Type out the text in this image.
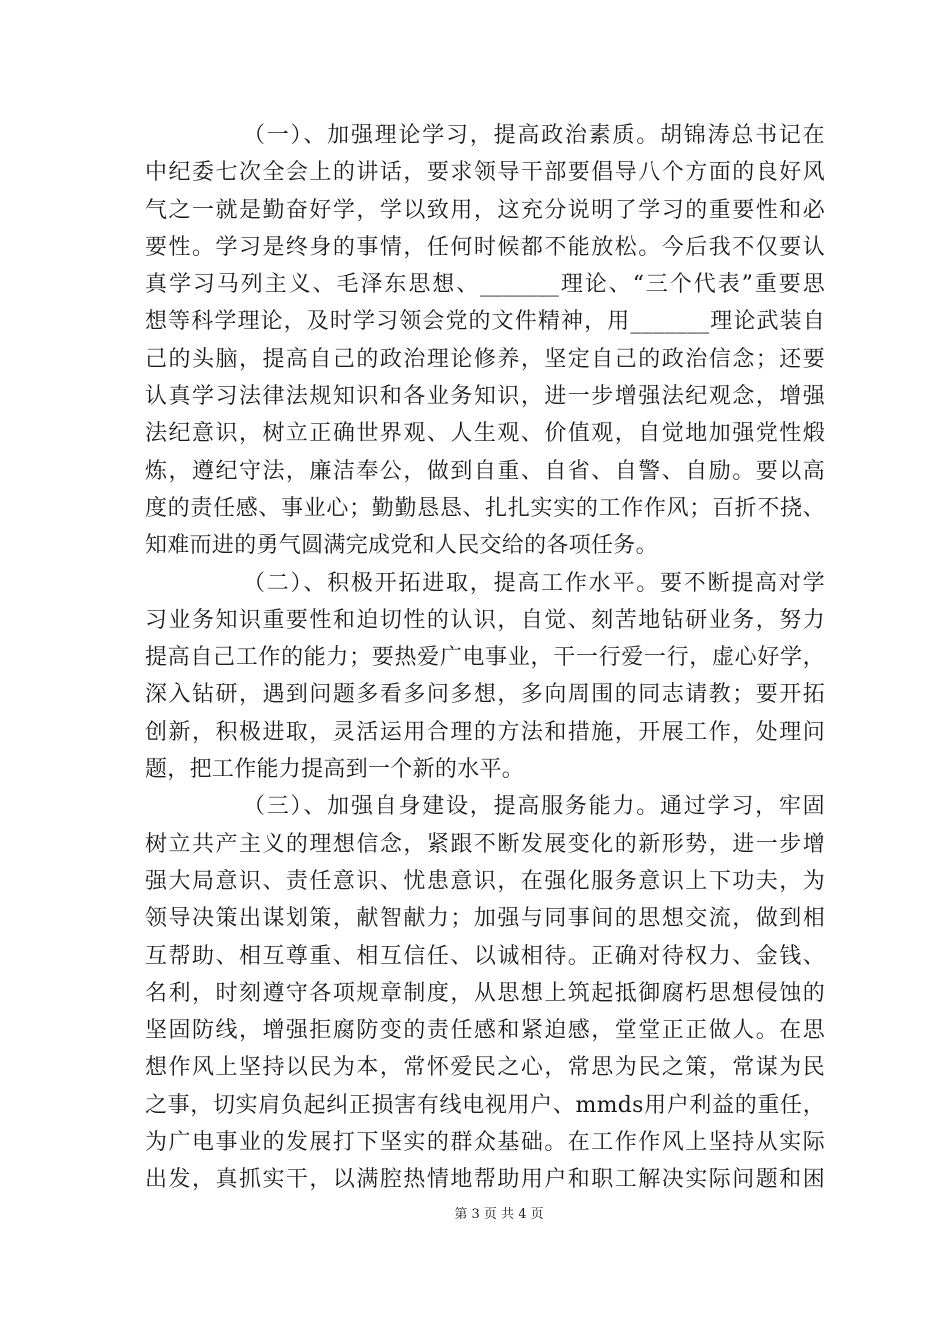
（一）、加强理论学习，提高政治素质。胡锦涛总书记在
中纪委七次全会上的讲话，要求领导干部要倡导八个方面的良好风
气之一就是勤奋好学，学以致用，这充分说明了学习的重要性和必
要性。学习是终身的事情，任何时候都不能放松。今后我不仅要认
真学习马列主义、毛泽东思想、_______理论、“三个代表”重要思
想等科学理论，及时学习领会党的文件精神，用_______理论武装自
己的头脑，提高自己的政治理论修养，坚定自己的政治信念；还要
认真学习法律法规知识和各业务知识，进一步增强法纪观念，增强
法纪意识，树立正确世界观、人生观、价值观，自觉地加强党性煅
炼，遵纪守法，廉洁奉公，做到自重、自省、自警、自励。要以高
度的责任感、事业心；勤勤恳恳、扎扎实实的工作作风；百折不挠、
知难而进的勇气圆满完成党和人民交给的各项任务。
（二）、积极开拓进取，提高工作水平。要不断提高对学
习业务知识重要性和迫切性的认识，自觉、刻苦地钻研业务，努力
提高自己工作的能力；要热爱广电事业，干一行爱一行，虚心好学，
深入钻研，遇到问题多看多问多想，多向周围的同志请教；要开拓
创新，积极进取，灵活运用合理的方法和措施，开展工作，处理问
题，把工作能力提高到一个新的水平。
（三）、加强自身建设，提高服务能力。通过学习，牢固
树立共产主义的理想信念，紧跟不断发展变化的新形势，进一步增
强大局意识、责任意识、忧患意识，在强化服务意识上下功夫，为
领导决策出谋划策，献智献力；加强与同事间的思想交流，做到相
互帮助、相互尊重、相互信任、以诚相待。正确对待权力、金钱、
名利，时刻遵守各项规章制度，从思想上筑起抵御腐朽思想侵蚀的
坚固防线，增强拒腐防变的责任感和紧迫感，堂堂正正做人。在思
想作风上坚持以民为本，常怀爱民之心，常思为民之策，常谋为民
之事，切实肩负起纠正损害有线电视用户、mmds用户利益的重任，
为广电事业的发展打下坚实的群众基础。在工作作风上坚持从实际
出发，真抓实干，以满腔热情地帮助用户和职工解决实际问题和困
第 3 页 共 4 页
